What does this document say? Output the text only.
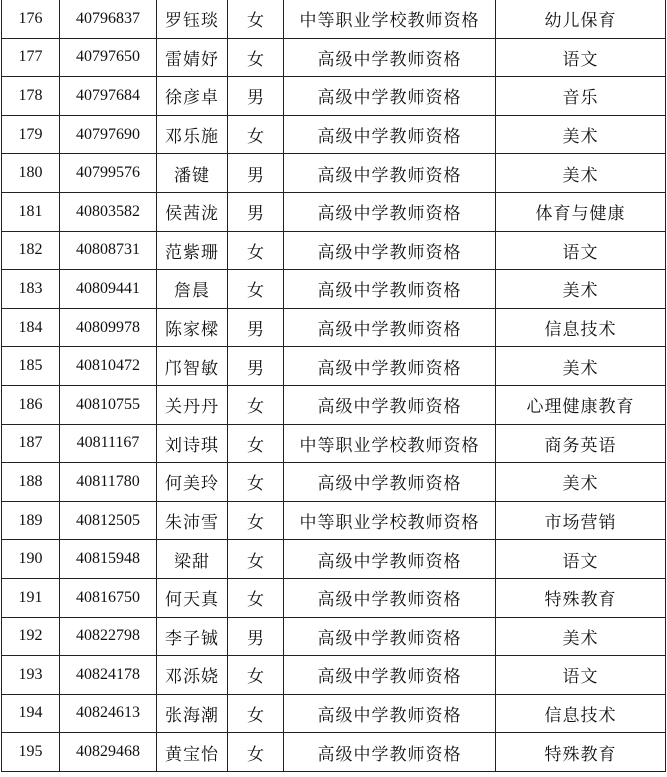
176	40796837	罗钰琰	女	中等职业学校教师资格	幼儿保育
177	40797650	雷婧妤	女	高级中学教师资格	语文
178	40797684	徐彦卓	男	高级中学教师资格	音乐
179	40797690	邓乐施	女	高级中学教师资格	美术
180	40799576	潘键	男	高级中学教师资格	美术
181	40803582	侯茜泷	男	高级中学教师资格	体育与健康
182	40808731	范紫珊	女	高级中学教师资格	语文
183	40809441	詹晨	女	高级中学教师资格	美术
184	40809978	陈家樑	男	高级中学教师资格	信息技术
185	40810472	邝智敏	男	高级中学教师资格	美术
186	40810755	关丹丹	女	高级中学教师资格	心理健康教育
187	40811167	刘诗琪	女	中等职业学校教师资格	商务英语
188	40811780	何美玲	女	高级中学教师资格	美术
189	40812505	朱沛雪	女	中等职业学校教师资格	市场营销
190	40815948	梁甜	女	高级中学教师资格	语文
191	40816750	何天真	女	高级中学教师资格	特殊教育
192	40822798	李子铖	男	高级中学教师资格	美术
193	40824178	邓泺娆	女	高级中学教师资格	语文
194	40824613	张海潮	女	高级中学教师资格	信息技术
195	40829468	黄宝怡	女	高级中学教师资格	特殊教育
